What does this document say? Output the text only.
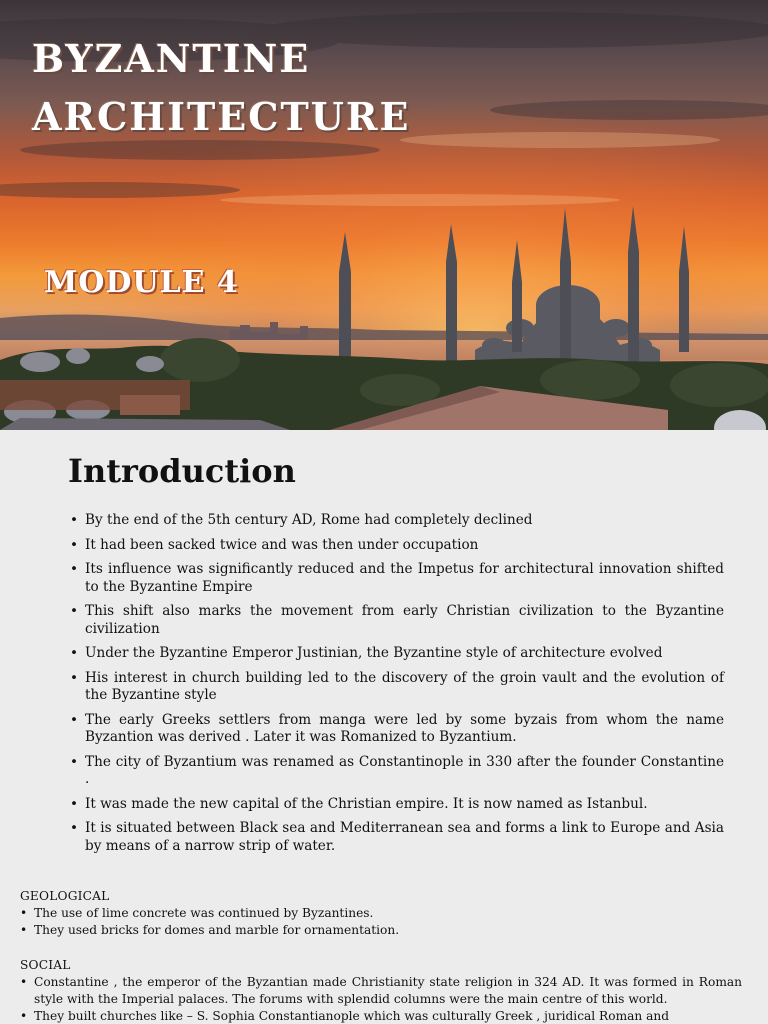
BYZANTINE
ARCHITECTURE
MODULE 4
Introduction
• By the end of the 5th century AD, Rome had completely declined
• It had been sacked twice and was then under occupation
• Its influence was significantly reduced and the Impetus for architectural innovation shifted to the Byzantine Empire
• This shift also marks the movement from early Christian civilization to the Byzantine civilization
• Under the Byzantine Emperor Justinian, the Byzantine style of architecture evolved
• His interest in church building led to the discovery of the groin vault and the evolution of the Byzantine style
• The early Greeks settlers from manga were led by some byzais from whom the name Byzantion was derived . Later it was Romanized to Byzantium.
• The city of Byzantium was renamed as Constantinople in 330 after the founder Constantine .
• It was made the new capital of the Christian empire. It is now named as Istanbul.
• It is situated between Black sea and Mediterranean sea and forms a link to Europe and Asia by means of a narrow strip of water.
GEOLOGICAL
• The use of lime concrete was continued by Byzantines.
• They used bricks for domes and marble for ornamentation.
SOCIAL
• Constantine , the emperor of the Byzantian made Christianity state religion in 324 AD. It was formed in Roman style with the Imperial palaces. The forums with splendid columns were the main centre of this world.
• They built churches like – S. Sophia Constantianople which was culturally Greek , juridical Roman and
